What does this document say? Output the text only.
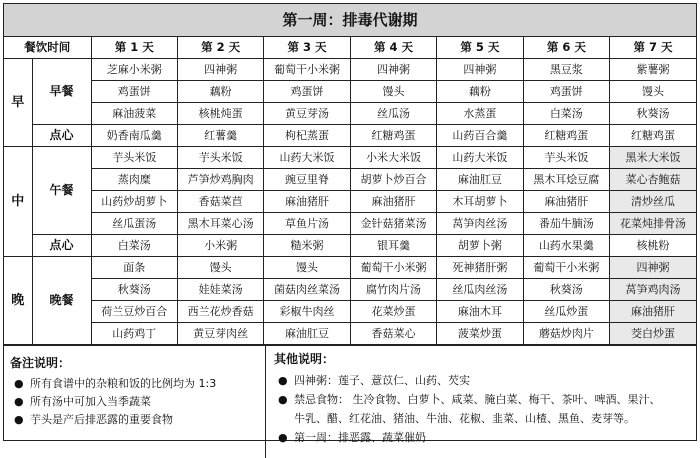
第一周：排毒代谢期
餐饮时间		第 1 天	第 2 天	第 3 天	第 4 天	第 5 天	第 6 天	第 7 天
早	早餐	芝麻小米粥	四神粥	葡萄干小米粥	四神粥	四神粥	黑豆浆	紫薯粥
		鸡蛋饼	藕粉	鸡蛋饼	馒头	藕粉	鸡蛋饼	馒头
		麻油菠菜	核桃炖蛋	黄豆芽汤	丝瓜汤	水蒸蛋	白菜汤	秋葵汤
	点心	奶香南瓜羹	红薯羹	枸杞蒸蛋	红糖鸡蛋	山药百合羹	红糖鸡蛋	红糖鸡蛋
中	午餐	芋头米饭	芋头米饭	山药大米饭	小米大米饭	山药大米饭	芋头米饭	黑米大米饭
		蒸肉糜	芦笋炒鸡胸肉	豌豆里脊	胡萝卜炒百合	麻油肛豆	黑木耳烩豆腐	菜心杏鲍菇
		山药炒胡萝卜	香菇菜苣	麻油猪肝	麻油猪肝	木耳胡萝卜	麻油猪肝	清炒丝瓜
		丝瓜蛋汤	黑木耳菜心汤	草鱼片汤	金针菇猪菜汤	莴笋肉丝汤	番茄牛腩汤	花菜炖排骨汤
	点心	白菜汤	小米粥	糙米粥	银耳羹	胡萝卜粥	山药水果羹	核桃粉
晚	晚餐	面条	馒头	馒头	葡萄干小米粥	死神猪肝粥	葡萄干小米粥	四神粥
		秋葵汤	娃娃菜汤	菌菇肉丝菜汤	腐竹肉片汤	丝瓜肉丝汤	秋葵汤	莴笋鸡肉汤
		荷兰豆炒百合	西兰花炒香菇	彩椒牛肉丝	花菜炒蛋	麻油木耳	丝瓜炒蛋	麻油猪肝
		山药鸡丁	黄豆芽肉丝	麻油肛豆	香菇菜心	菠菜炒蛋	蘑菇炒肉片	茭白炒蛋
备注说明：
● 所有食谱中的杂粮和饭的比例均为 1:3
● 所有汤中可加入当季蔬菜
● 芋头是产后排恶露的重要食物
其他说明：
● 四神粥：莲子、薏苡仁、山药、芡实
● 禁忌食物： 生冷食物、白萝卜、咸菜、腌白菜、梅干、茶叶、啤酒、果汁、
牛乳、醋、红花油、猪油、牛油、花椒、韭菜、山楂、黑鱼、麦芽等。
● 第一周：排恶露、蔬菜催奶
